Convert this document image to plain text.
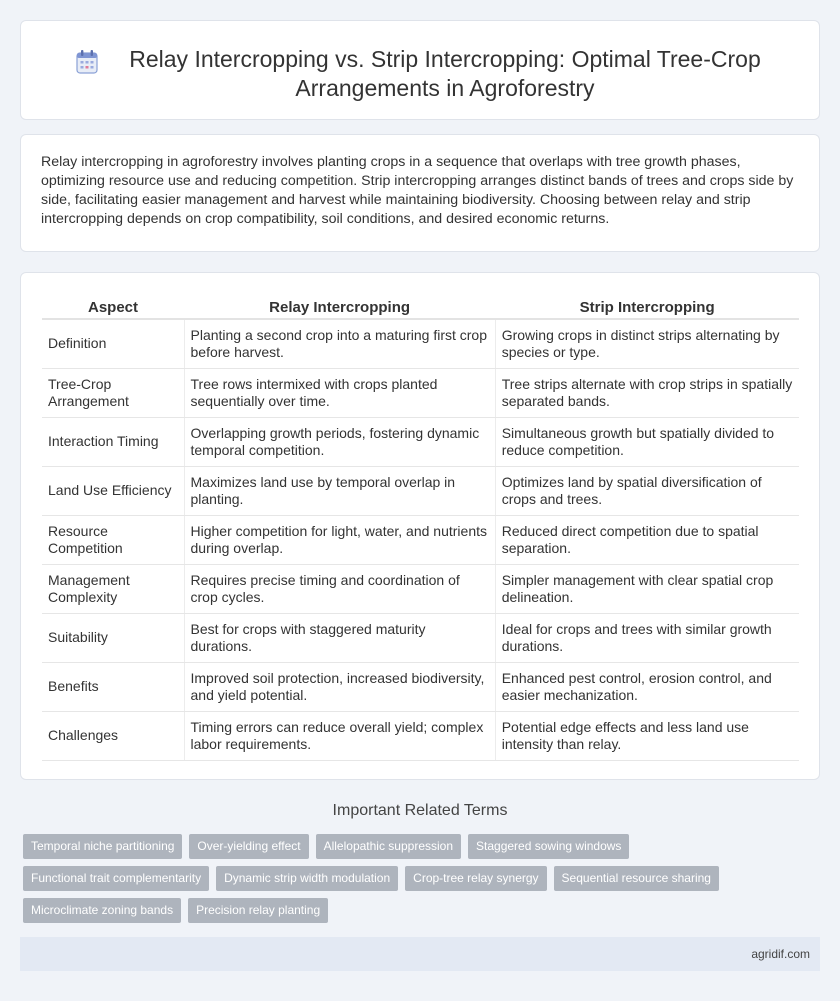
Relay Intercropping vs. Strip Intercropping: Optimal Tree-Crop Arrangements in Agroforestry

Relay intercropping in agroforestry involves planting crops in a sequence that overlaps with tree growth phases, optimizing resource use and reducing competition. Strip intercropping arranges distinct bands of trees and crops side by side, facilitating easier management and harvest while maintaining biodiversity. Choosing between relay and strip intercropping depends on crop compatibility, soil conditions, and desired economic returns.

Aspect	Relay Intercropping	Strip Intercropping
Definition	Planting a second crop into a maturing first crop before harvest.	Growing crops in distinct strips alternating by species or type.
Tree-Crop Arrangement	Tree rows intermixed with crops planted sequentially over time.	Tree strips alternate with crop strips in spatially separated bands.
Interaction Timing	Overlapping growth periods, fostering dynamic temporal competition.	Simultaneous growth but spatially divided to reduce competition.
Land Use Efficiency	Maximizes land use by temporal overlap in planting.	Optimizes land by spatial diversification of crops and trees.
Resource Competition	Higher competition for light, water, and nutrients during overlap.	Reduced direct competition due to spatial separation.
Management Complexity	Requires precise timing and coordination of crop cycles.	Simpler management with clear spatial crop delineation.
Suitability	Best for crops with staggered maturity durations.	Ideal for crops and trees with similar growth durations.
Benefits	Improved soil protection, increased biodiversity, and yield potential.	Enhanced pest control, erosion control, and easier mechanization.
Challenges	Timing errors can reduce overall yield; complex labor requirements.	Potential edge effects and less land use intensity than relay.
Important Related Terms
Temporal niche partitioning	Over-yielding effect	Allelopathic suppression	Staggered sowing windows
Functional trait complementarity	Dynamic strip width modulation	Crop-tree relay synergy	Sequential resource sharing
Microclimate zoning bands	Precision relay planting
agridif.com
